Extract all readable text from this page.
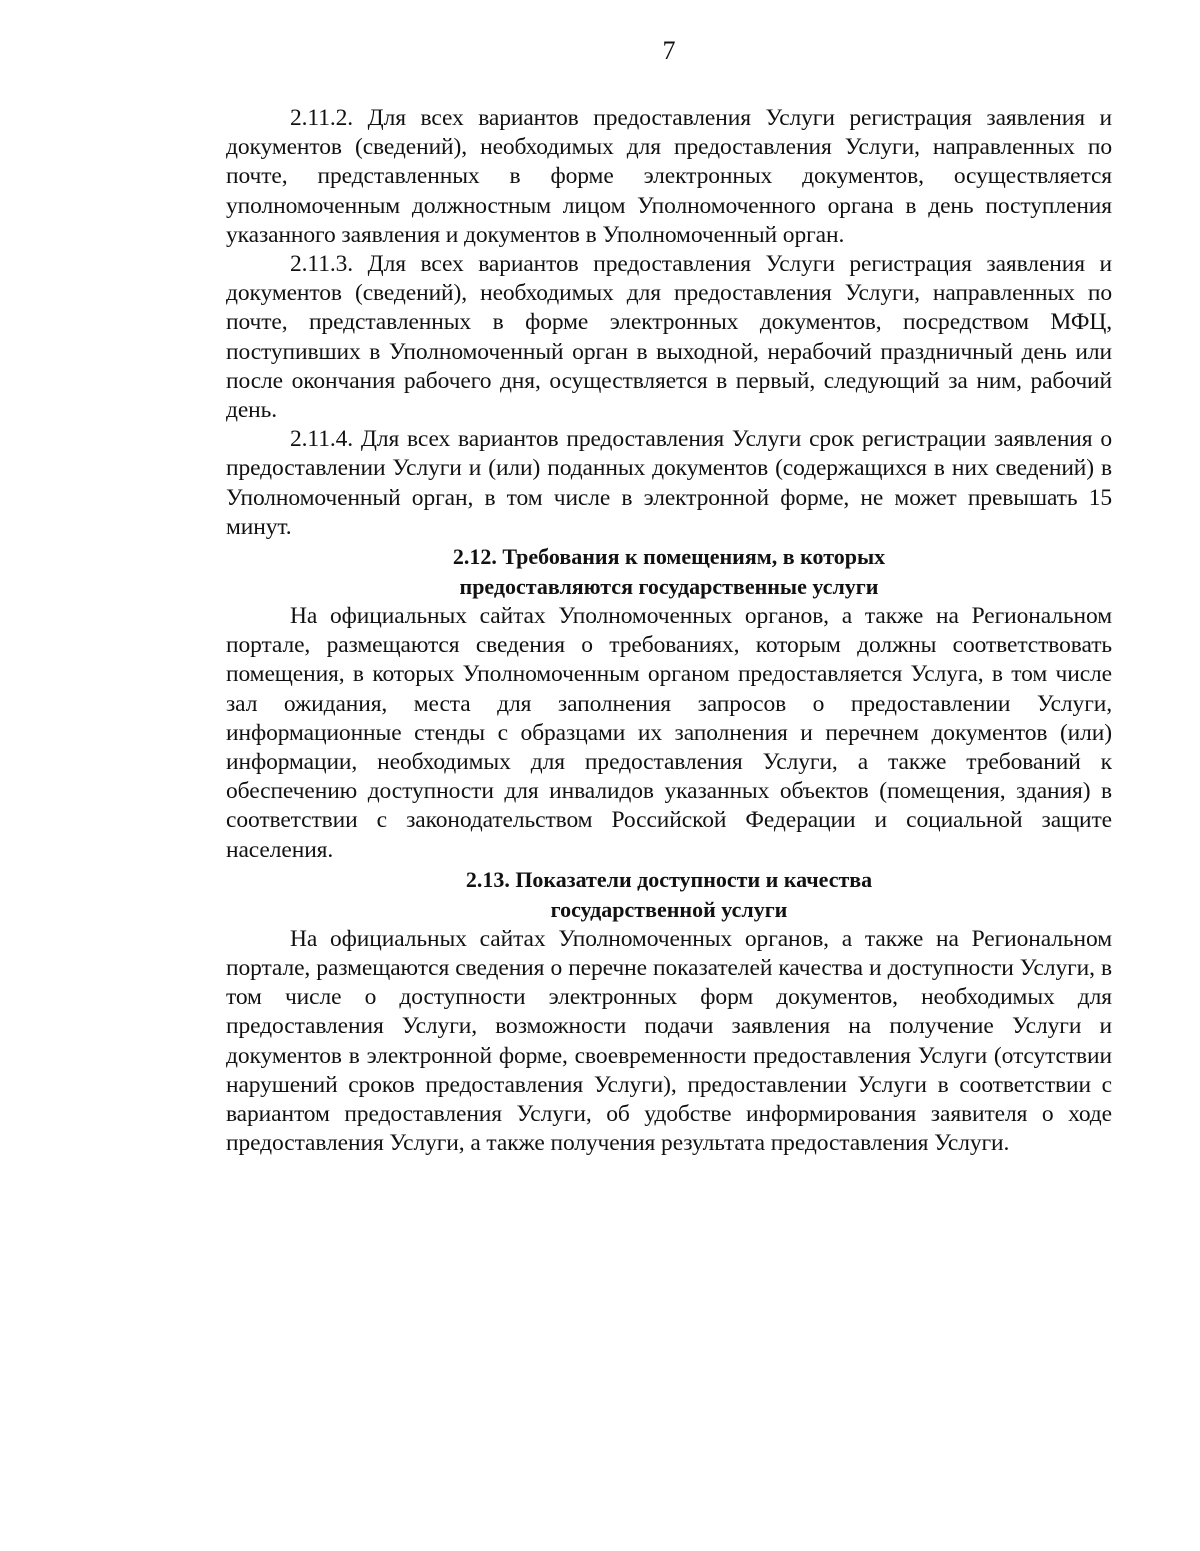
7

2.11.2. Для всех вариантов предоставления Услуги регистрация заявления и документов (сведений), необходимых для предоставления Услуги, направленных по почте, представленных в форме электронных документов, осуществляется уполномоченным должностным лицом Уполномоченного органа в день поступления указанного заявления и документов в Уполномоченный орган.

2.11.3. Для всех вариантов предоставления Услуги регистрация заявления и документов (сведений), необходимых для предоставления Услуги, направленных по почте, представленных в форме электронных документов, посредством МФЦ, поступивших в Уполномоченный орган в выходной, нерабочий праздничный день или после окончания рабочего дня, осуществляется в первый, следующий за ним, рабочий день.

2.11.4. Для всех вариантов предоставления Услуги срок регистрации заявления о предоставлении Услуги и (или) поданных документов (содержащихся в них сведений) в Уполномоченный орган, в том числе в электронной форме, не может превышать 15 минут.

2.12. Требования к помещениям, в которых
предоставляются государственные услуги

На официальных сайтах Уполномоченных органов, а также на Региональном портале, размещаются сведения о требованиях, которым должны соответствовать помещения, в которых Уполномоченным органом предоставляется Услуга, в том числе зал ожидания, места для заполнения запросов о предоставлении Услуги, информационные стенды с образцами их заполнения и перечнем документов (или) информации, необходимых для предоставления Услуги, а также требований к обеспечению доступности для инвалидов указанных объектов (помещения, здания) в соответствии с законодательством Российской Федерации и социальной защите населения.

2.13. Показатели доступности и качества
государственной услуги

На официальных сайтах Уполномоченных органов, а также на Региональном портале, размещаются сведения о перечне показателей качества и доступности Услуги, в том числе о доступности электронных форм документов, необходимых для предоставления Услуги, возможности подачи заявления на получение Услуги и документов в электронной форме, своевременности предоставления Услуги (отсутствии нарушений сроков предоставления Услуги), предоставлении Услуги в соответствии с вариантом предоставления Услуги, об удобстве информирования заявителя о ходе предоставления Услуги, а также получения результата предоставления Услуги.
